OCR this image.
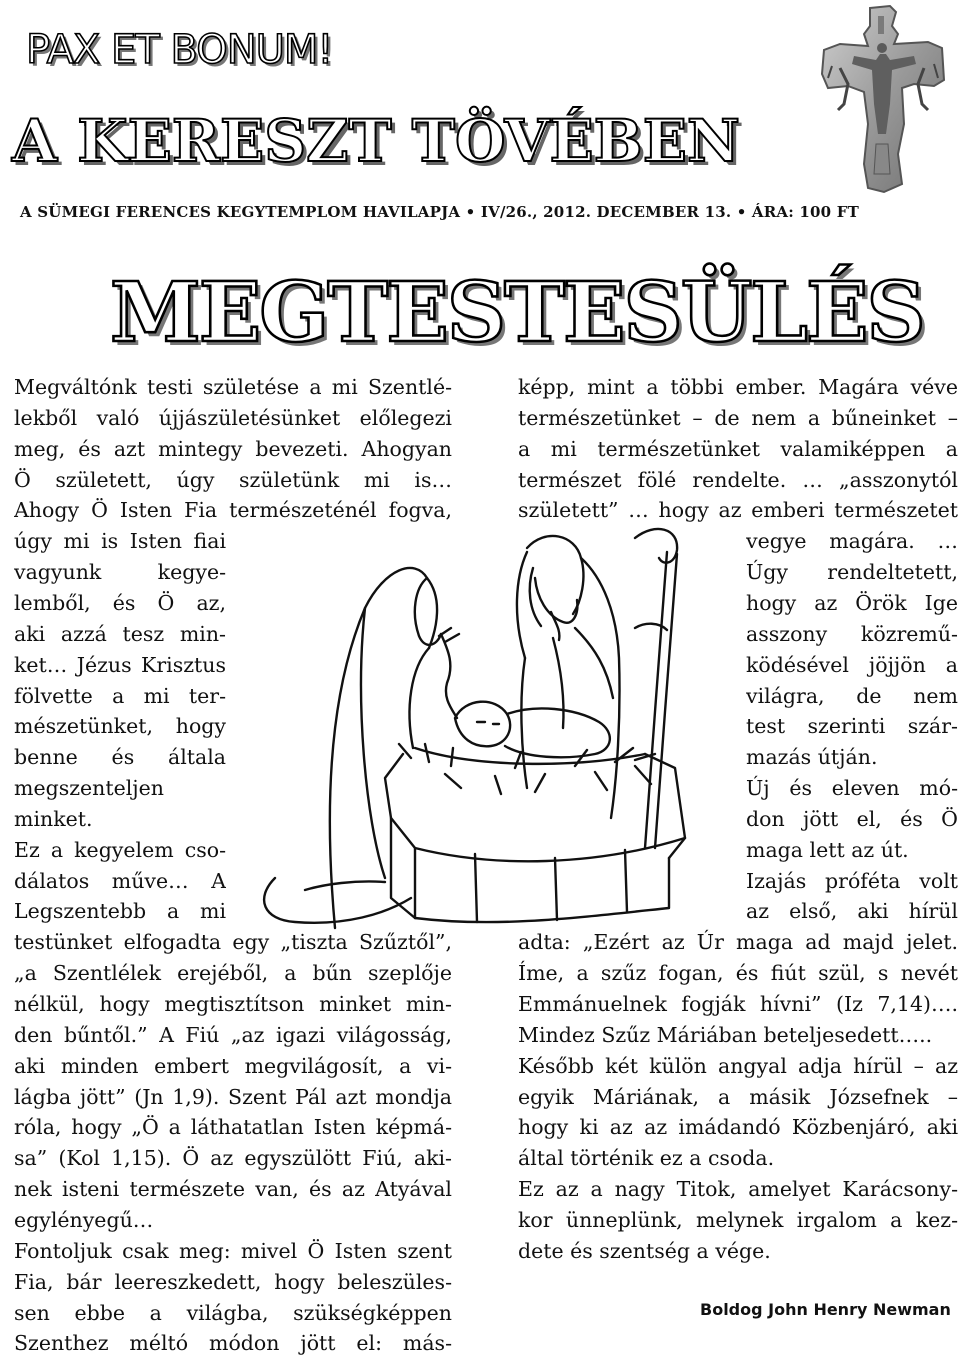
PAX ET BONUM!
A KERESZT TÖVÉBEN
A SÜMEGI FERENCES KEGYTEMPLOM HAVILAPJA • IV/26., 2012. DECEMBER 13. • ÁRA: 100 FT
MEGTESTESÜLÉS
Megváltónk testi születése a mi Szentlé-
lekből való újjászületésünket előlegezi
meg, és azt mintegy bevezeti. Ahogyan
Ö született, úgy születünk mi is…
Ahogy Ö Isten Fia természeténél fogva,
úgy mi is Isten fiai
vagyunk kegye-
lemből, és Ö az,
aki azzá tesz min-
ket… Jézus Krisztus
fölvette a mi ter-
mészetünket, hogy
benne és általa
megszenteljen
minket.
Ez a kegyelem cso-
dálatos műve… A
Legszentebb a mi
testünket elfogadta egy „tiszta Szűztől”,
„a Szentlélek erejéből, a bűn szeplője
nélkül, hogy megtisztítson minket min-
den bűntől.” A Fiú „az igazi világosság,
aki minden embert megvilágosít, a vi-
lágba jött” (Jn 1,9). Szent Pál azt mondja
róla, hogy „Ö a láthatatlan Isten képmá-
sa” (Kol 1,15). Ö az egyszülött Fiú, aki-
nek isteni természete van, és az Atyával
egylényegű…
Fontoljuk csak meg: mivel Ö Isten szent
Fia, bár leereszkedett, hogy beleszüles-
sen ebbe a világba, szükségképpen
Szenthez méltó módon jött el: más-
képp, mint a többi ember. Magára véve
természetünket – de nem a bűneinket –
a mi természetünket valamiképpen a
természet fölé rendelte. … „asszonytól
született” … hogy az emberi természetet
vegye magára. …
Úgy rendeltetett,
hogy az Örök Ige
asszony közremű-
ködésével jöjjön a
világra, de nem
test szerinti szár-
mazás útján.
Új és eleven mó-
don jött el, és Ö
maga lett az út.
Izajás próféta volt
az első, aki hírül
adta: „Ezért az Úr maga ad majd jelet.
Íme, a szűz fogan, és fiút szül, s nevét
Emmánuelnek fogják hívni” (Iz 7,14)….
Mindez Szűz Máriában beteljesedett…..
Később két külön angyal adja hírül – az
egyik Máriának, a másik Józsefnek –
hogy ki az az imádandó Közbenjáró, aki
által történik ez a csoda.
Ez az a nagy Titok, amelyet Karácsony-
kor ünneplünk, melynek irgalom a kez-
dete és szentség a vége.
Boldog John Henry Newman
